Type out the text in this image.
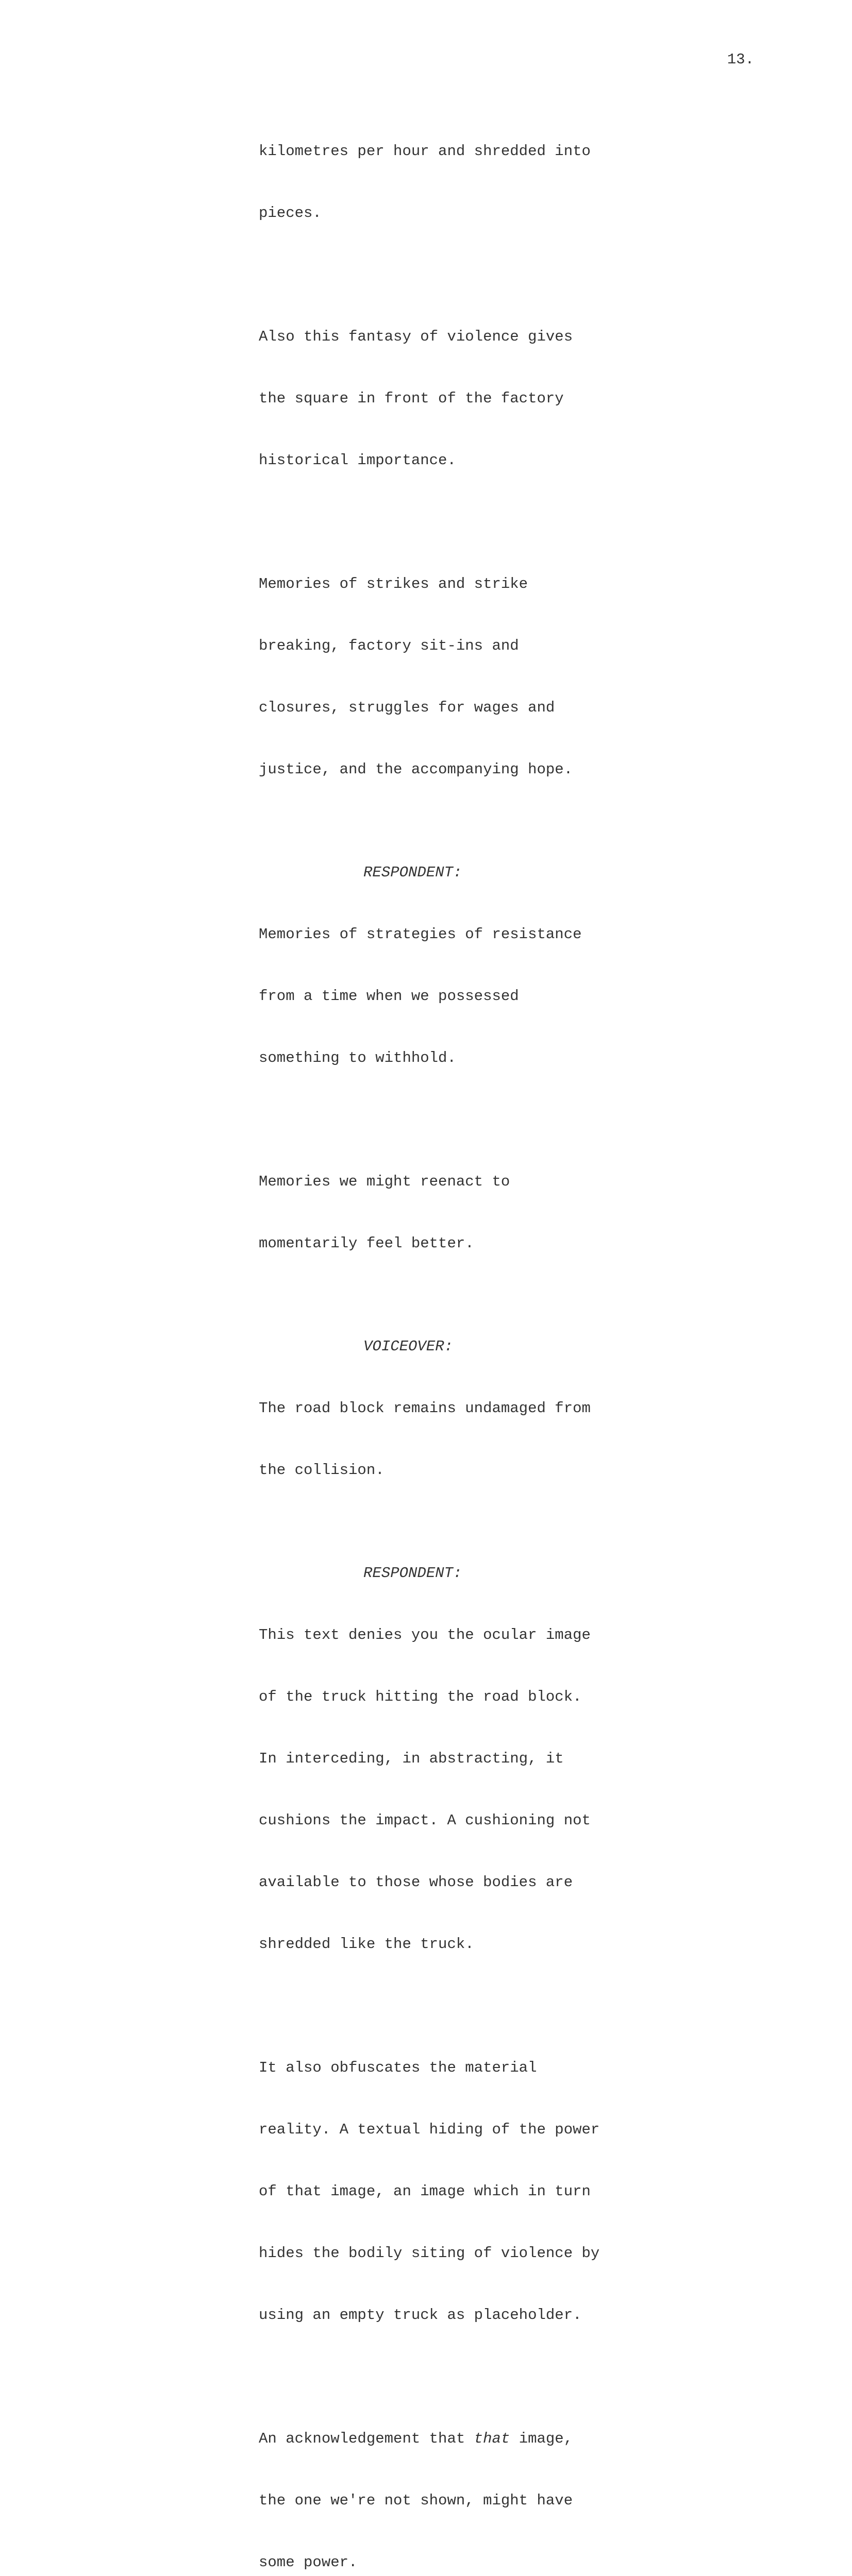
13.

kilometres per hour and shredded into

pieces.

Also this fantasy of violence gives

the square in front of the factory

historical importance.

Memories of strikes and strike

breaking, factory sit-ins and

closures, struggles for wages and

justice, and the accompanying hope.

RESPONDENT:

Memories of strategies of resistance

from a time when we possessed

something to withhold.

Memories we might reenact to

momentarily feel better.

VOICEOVER:

The road block remains undamaged from

the collision.

RESPONDENT:

This text denies you the ocular image

of the truck hitting the road block.

In interceding, in abstracting, it

cushions the impact. A cushioning not

available to those whose bodies are

shredded like the truck.

It also obfuscates the material

reality. A textual hiding of the power

of that image, an image which in turn

hides the bodily siting of violence by

using an empty truck as placeholder.

An acknowledgement that that image,

the one we're not shown, might have

some power.
